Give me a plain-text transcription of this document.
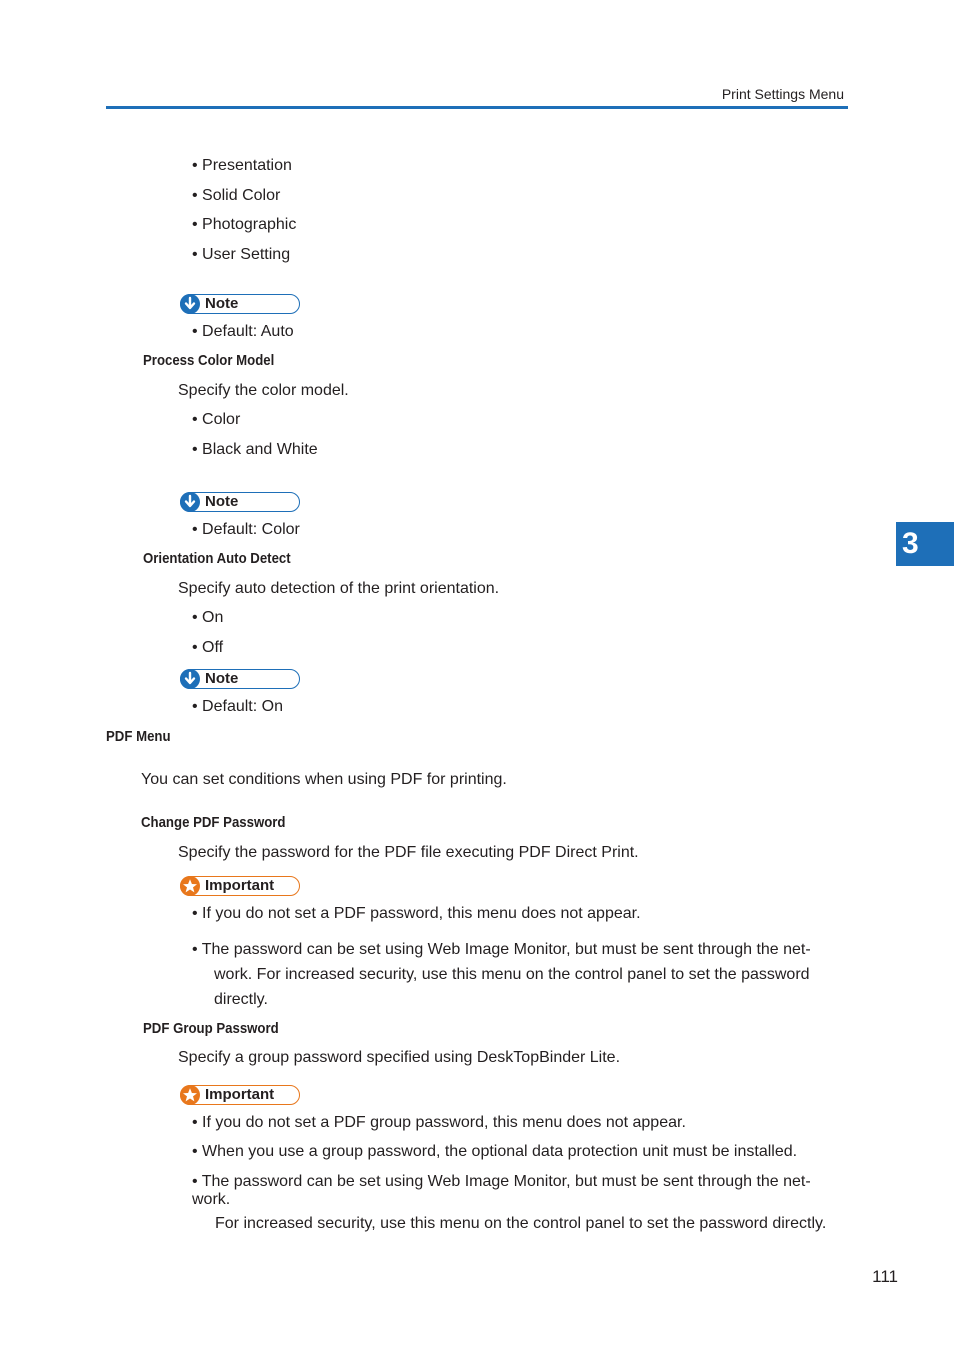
Print Settings Menu
3
• Presentation
• Solid Color
• Photographic
• User Setting
Note
• Default: Auto
Process Color Model
Specify the color model.
• Color
• Black and White
Note
• Default: Color
Orientation Auto Detect
Specify auto detection of the print orientation.
• On
• Off
Note
• Default: On
PDF Menu
You can set conditions when using PDF for printing.
Change PDF Password
Specify the password for the PDF file executing PDF Direct Print.
Important
• If you do not set a PDF password, this menu does not appear.
• The password can be set using Web Image Monitor, but must be sent through the net-
work. For increased security, use this menu on the control panel to set the password
directly.
PDF Group Password
Specify a group password specified using DeskTopBinder Lite.
Important
• If you do not set a PDF group password, this menu does not appear.
• When you use a group password, the optional data protection unit must be installed.
• The password can be set using Web Image Monitor, but must be sent through the net-
work.
For increased security, use this menu on the control panel to set the password directly.
111
